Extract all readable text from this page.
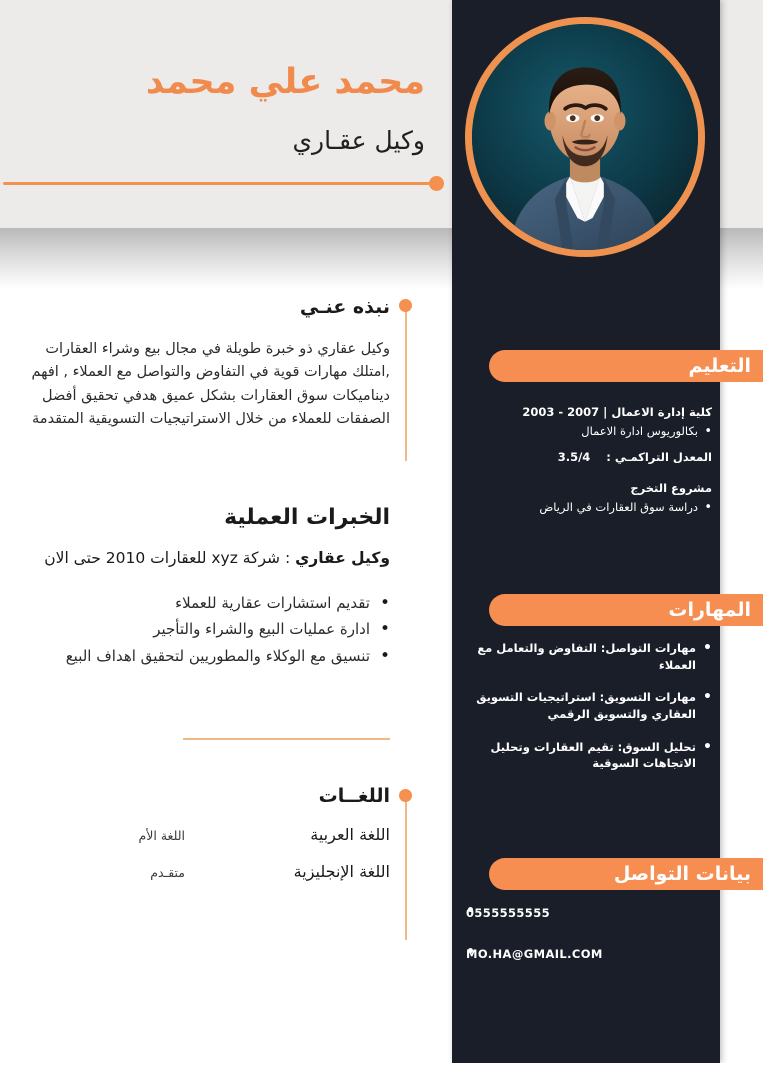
محمد علي محمد
وكيل عقـاري
التعليم

كلية إدارة الاعمال | 2007 - 2003

• بكالوريوس ادارة الاعمال

المعدل التراكمـي : 3.5/4

مشروع التخرج

• دراسة سوق العقارات في الرياض
المهارات
• مهارات التواصل: التفاوض والتعامل مع العملاء
• مهارات التسويق: استراتيجيات التسويق العقاري والتسويق الرقمي
• تحليل السوق: تقيم العقارات وتحليل الاتجاهات السوقية
بيانات التواصل
• 0555555555
• MO.HA@GMAIL.COM
نبذه عنـي
وكيل عقاري ذو خبرة طويلة في مجال بيع وشراء العقارات ,امتلك مهارات قوية في التفاوض والتواصل مع العملاء , افهم ديناميكات سوق العقارات بشكل عميق هدفي تحقيق أفضل الصفقات للعملاء من خلال الاستراتيجيات التسويقية المتقدمة
الخبرات العملية
وكيل عقاري : شركة xyz للعقارات 2010 حتى الان
• تقديم استشارات عقارية للعملاء
• ادارة عمليات البيع والشراء والتأجير
• تنسيق مع الوكلاء والمطوريين لتحقيق اهداف البيع
اللغــات
اللغة العربية
اللغة الأم
اللغة الإنجليزية
متقـدم
